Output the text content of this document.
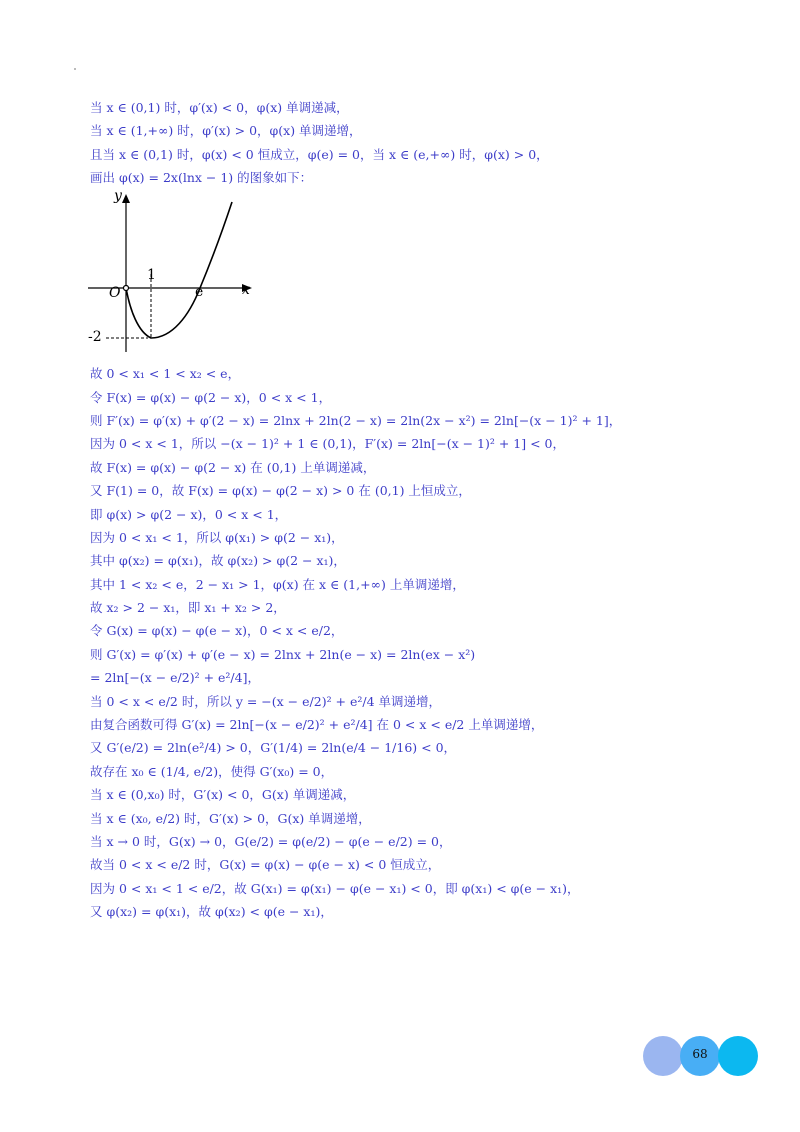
当 x ∈ (0,1) 时，φ′(x) < 0，φ(x) 单调递减，

当 x ∈ (1,+∞) 时，φ′(x) > 0，φ(x) 单调递增，

且当 x ∈ (0,1) 时，φ(x) < 0 恒成立，φ(e) = 0，当 x ∈ (e,+∞) 时，φ(x) > 0，

画出 φ(x) = 2x(lnx − 1) 的图象如下：

y
x
O
1
e
-2

故 0 < x₁ < 1 < x₂ < e，

令 F(x) = φ(x) − φ(2 − x)，0 < x < 1，

则 F′(x) = φ′(x) + φ′(2 − x) = 2lnx + 2ln(2 − x) = 2ln(2x − x²) = 2ln[−(x − 1)² + 1]，

因为 0 < x < 1，所以 −(x − 1)² + 1 ∈ (0,1)，F′(x) = 2ln[−(x − 1)² + 1] < 0，

故 F(x) = φ(x) − φ(2 − x) 在 (0,1) 上单调递减，

又 F(1) = 0，故 F(x) = φ(x) − φ(2 − x) > 0 在 (0,1) 上恒成立，

即 φ(x) > φ(2 − x)，0 < x < 1，

因为 0 < x₁ < 1，所以 φ(x₁) > φ(2 − x₁)，

其中 φ(x₂) = φ(x₁)，故 φ(x₂) > φ(2 − x₁)，

其中 1 < x₂ < e，2 − x₁ > 1，φ(x) 在 x ∈ (1,+∞) 上单调递增，

故 x₂ > 2 − x₁，即 x₁ + x₂ > 2，

令 G(x) = φ(x) − φ(e − x)，0 < x < e/2，

则 G′(x) = φ′(x) + φ′(e − x) = 2lnx + 2ln(e − x) = 2ln(ex − x²)

= 2ln[−(x − e/2)² + e²/4]，

当 0 < x < e/2 时，所以 y = −(x − e/2)² + e²/4 单调递增，

由复合函数可得 G′(x) = 2ln[−(x − e/2)² + e²/4] 在 0 < x < e/2 上单调递增，

又 G′(e/2) = 2ln(e²/4) > 0，G′(1/4) = 2ln(e/4 − 1/16) < 0，

故存在 x₀ ∈ (1/4, e/2)，使得 G′(x₀) = 0，

当 x ∈ (0,x₀) 时，G′(x) < 0，G(x) 单调递减，

当 x ∈ (x₀, e/2) 时，G′(x) > 0，G(x) 单调递增，

当 x → 0 时，G(x) → 0，G(e/2) = φ(e/2) − φ(e − e/2) = 0，

故当 0 < x < e/2 时，G(x) = φ(x) − φ(e − x) < 0 恒成立，

因为 0 < x₁ < 1 < e/2，故 G(x₁) = φ(x₁) − φ(e − x₁) < 0，即 φ(x₁) < φ(e − x₁)，

又 φ(x₂) = φ(x₁)，故 φ(x₂) < φ(e − x₁)，

68
